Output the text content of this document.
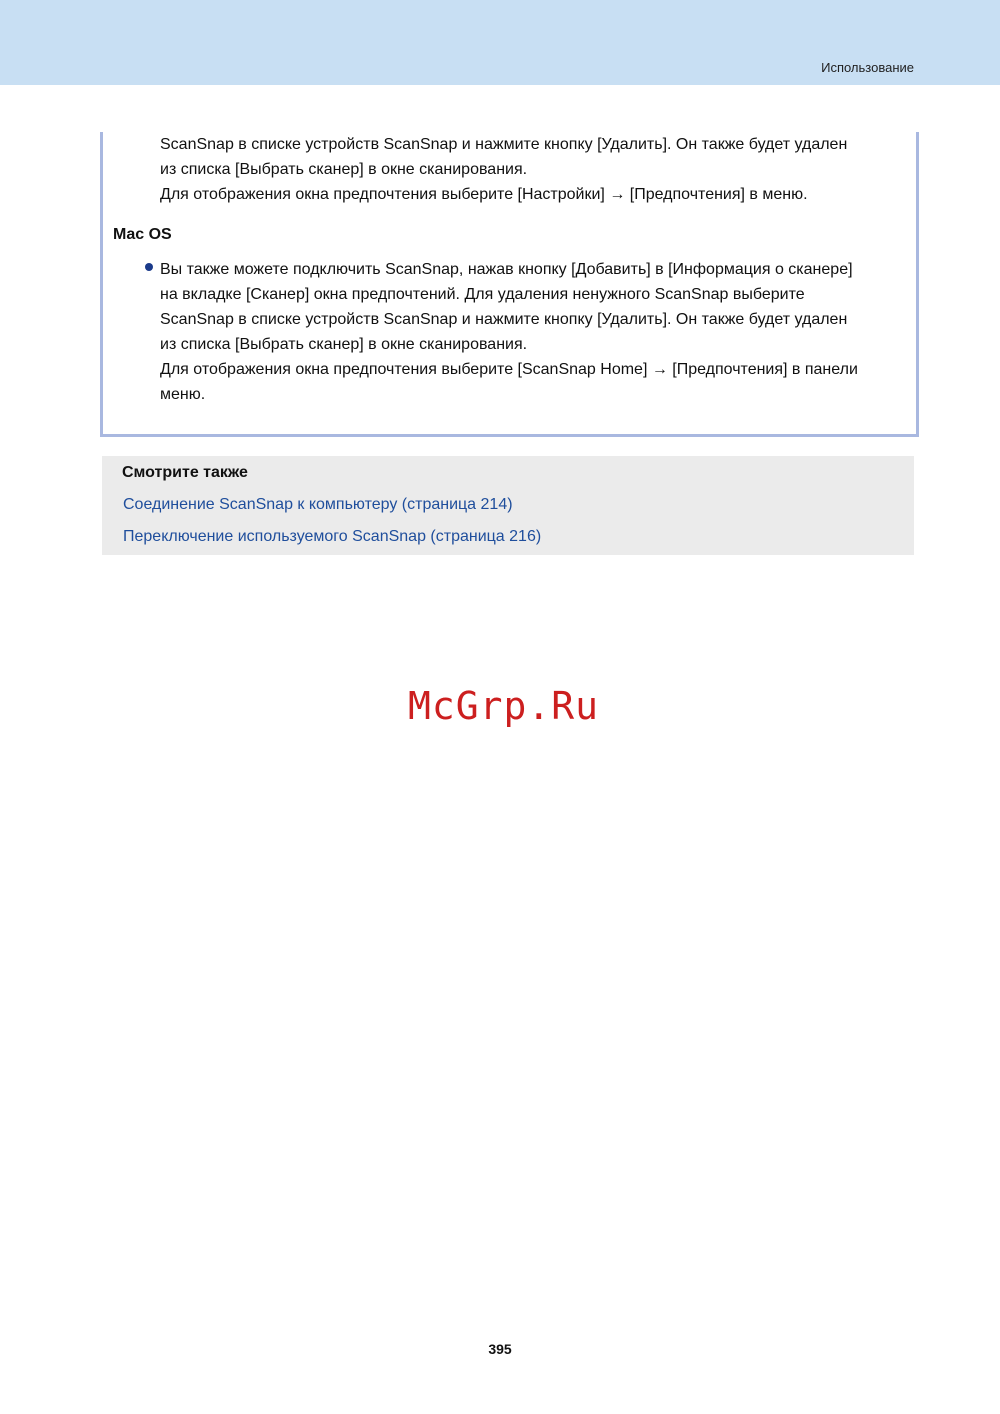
Использование
ScanSnap в списке устройств ScanSnap и нажмите кнопку [Удалить]. Он также будет удален
из списка [Выбрать сканер] в окне сканирования.
Для отображения окна предпочтения выберите [Настройки] → [Предпочтения] в меню.
Mac OS
Вы также можете подключить ScanSnap, нажав кнопку [Добавить] в [Информация о сканере]
на вкладке [Сканер] окна предпочтений. Для удаления ненужного ScanSnap выберите
ScanSnap в списке устройств ScanSnap и нажмите кнопку [Удалить]. Он также будет удален
из списка [Выбрать сканер] в окне сканирования.
Для отображения окна предпочтения выберите [ScanSnap Home] → [Предпочтения] в панели
меню.
Смотрите также
Соединение ScanSnap к компьютеру (страница 214)
Переключение используемого ScanSnap (страница 216)
McGrp.Ru
395
